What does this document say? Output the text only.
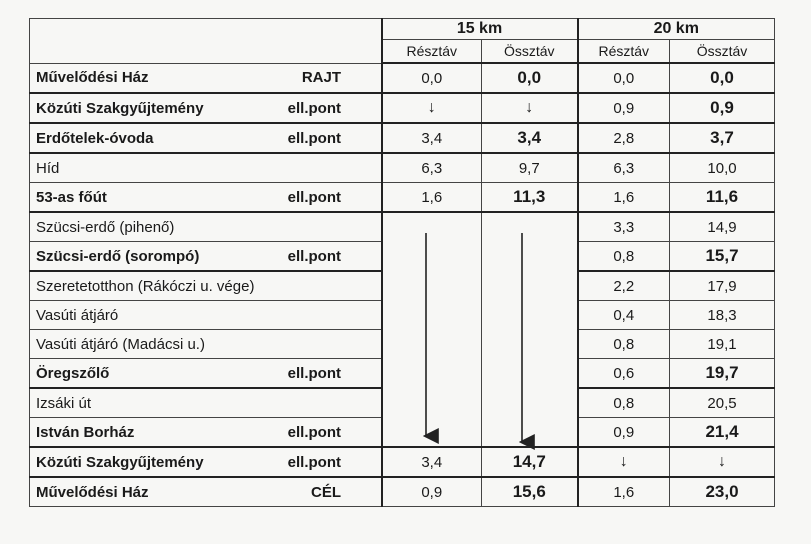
	15 km		20 km	
	Résztáv	Össztáv	Résztáv	Össztáv
Művelődési Ház RAJT	0,0	0,0	0,0	0,0
Közúti Szakgyűjtemény ell.pont	↓	↓	0,9	0,9
Erdőtelek-óvoda ell.pont	3,4	3,4	2,8	3,7
Híd	6,3	9,7	6,3	10,0
53-as főút ell.pont	1,6	11,3	1,6	11,6
Szücsi-erdő (pihenő)			3,3	14,9
Szücsi-erdő (sorompó) ell.pont			0,8	15,7
Szeretetotthon (Rákóczi u. vége)			2,2	17,9
Vasúti átjáró			0,4	18,3
Vasúti átjáró (Madácsi u.)			0,8	19,1
Öregszőlő ell.pont			0,6	19,7
Izsáki út			0,8	20,5
István Borház ell.pont			0,9	21,4
Közúti Szakgyűjtemény ell.pont	3,4	14,7	↓	↓
Művelődési Ház CÉL	0,9	15,6	1,6	23,0
